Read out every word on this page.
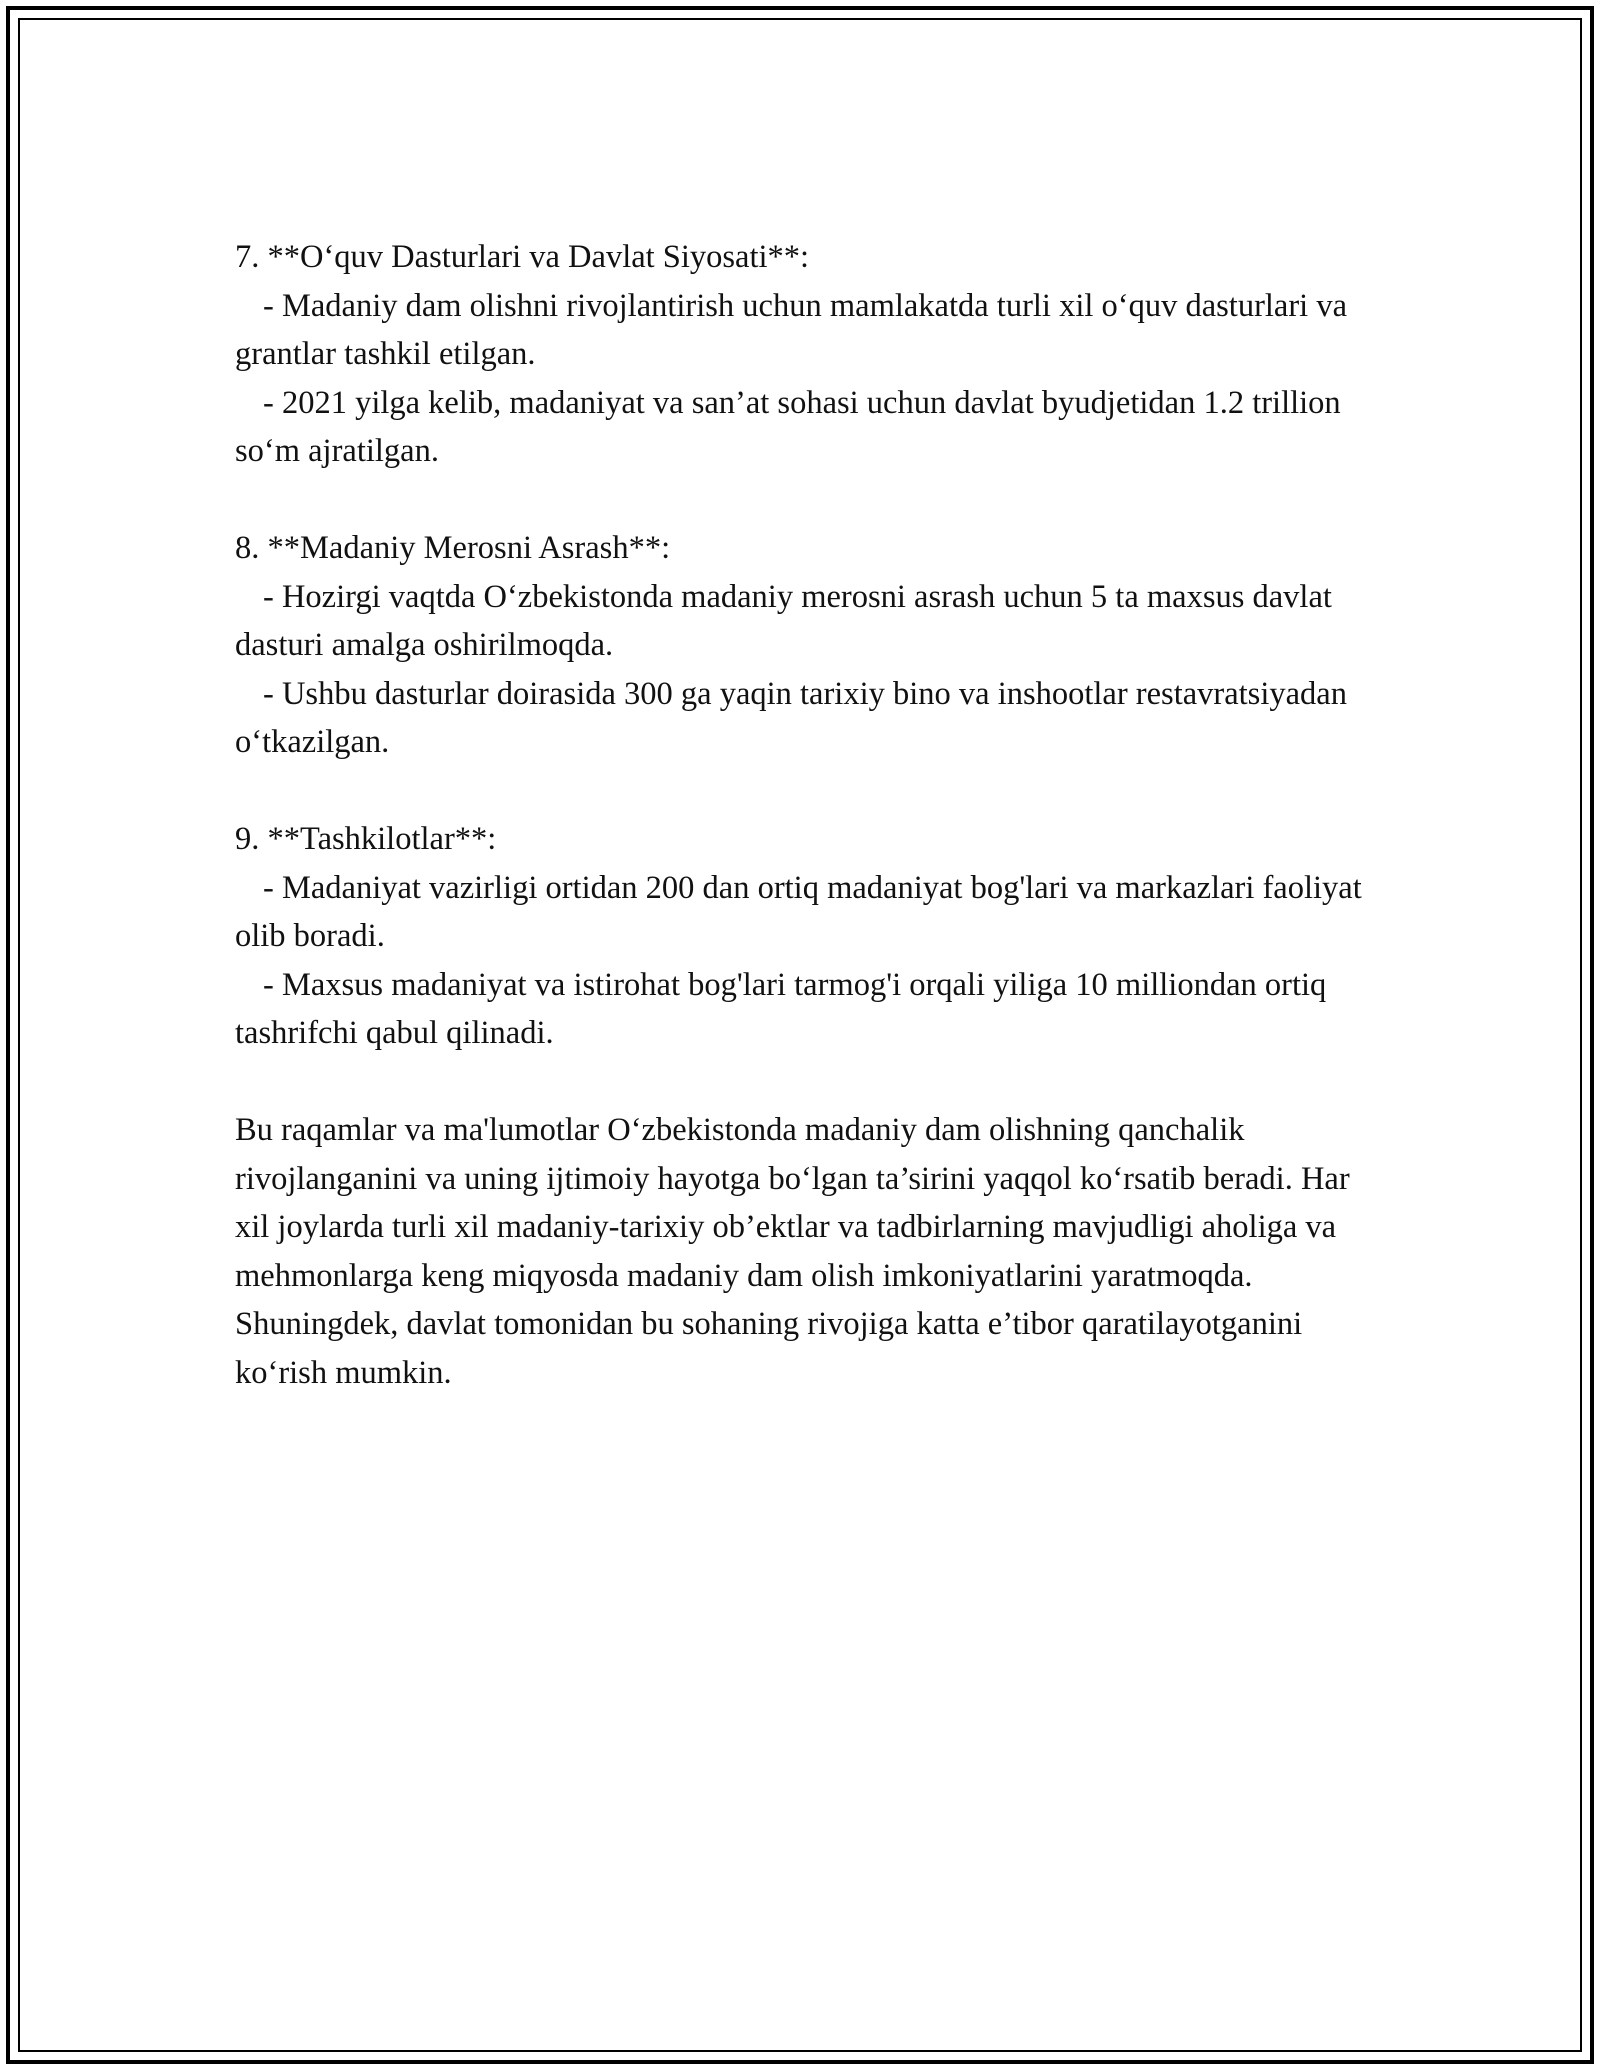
7. **O‘quv Dasturlari va Davlat Siyosati**:
- Madaniy dam olishni rivojlantirish uchun mamlakatda turli xil o‘quv dasturlari va grantlar tashkil etilgan.
- 2021 yilga kelib, madaniyat va san’at sohasi uchun davlat byudjetidan 1.2 trillion so‘m ajratilgan.
8. **Madaniy Merosni Asrash**:
- Hozirgi vaqtda O‘zbekistonda madaniy merosni asrash uchun 5 ta maxsus davlat dasturi amalga oshirilmoqda.
- Ushbu dasturlar doirasida 300 ga yaqin tarixiy bino va inshootlar restavratsiyadan o‘tkazilgan.
9. **Tashkilotlar**:
- Madaniyat vazirligi ortidan 200 dan ortiq madaniyat bog'lari va markazlari faoliyat olib boradi.
- Maxsus madaniyat va istirohat bog'lari tarmog'i orqali yiliga 10 milliondan ortiq tashrifchi qabul qilinadi.

Bu raqamlar va ma'lumotlar O‘zbekistonda madaniy dam olishning qanchalik rivojlanganini va uning ijtimoiy hayotga bo‘lgan ta’sirini yaqqol ko‘rsatib beradi. Har xil joylarda turli xil madaniy-tarixiy ob’ektlar va tadbirlarning mavjudligi aholiga va mehmonlarga keng miqyosda madaniy dam olish imkoniyatlarini yaratmoqda. Shuningdek, davlat tomonidan bu sohaning rivojiga katta e’tibor qaratilayotganini ko‘rish mumkin.
